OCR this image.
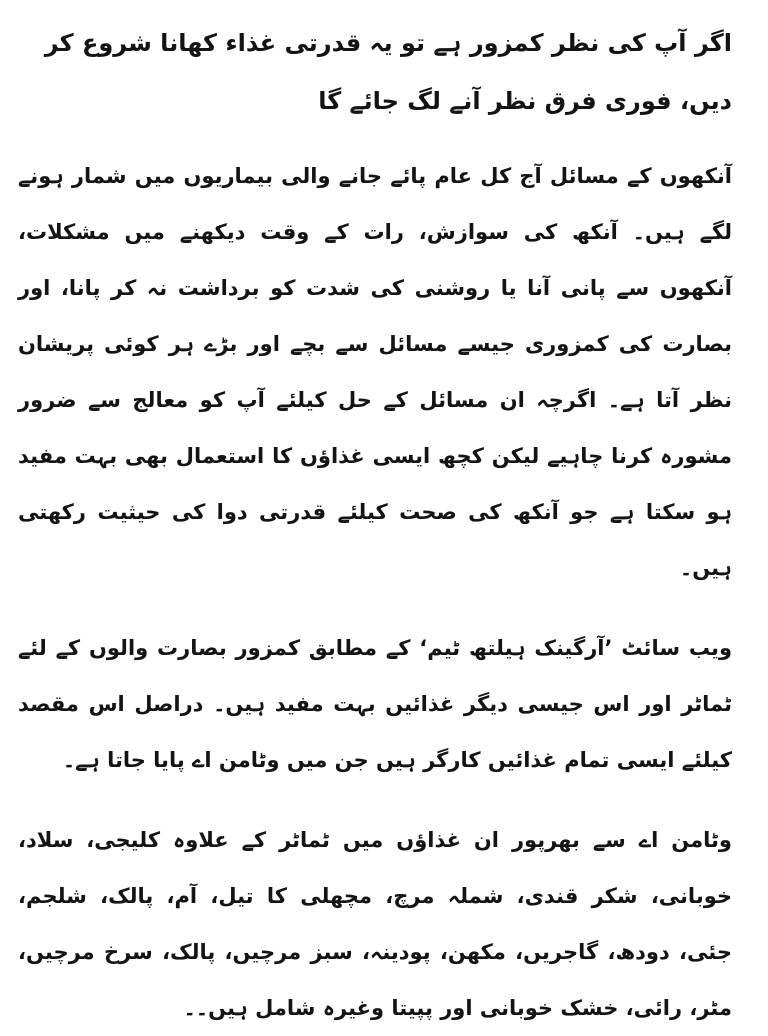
اگر آپ کی نظر کمزور ہے تو یہ قدرتی غذاء کھانا شروع کر دیں، فوری فرق نظر آنے لگ جائے گا
آنکھوں کے مسائل آج کل عام پائے جانے والی بیماریوں میں شمار ہونے لگے ہیں۔ آنکھ کی سوازش، رات کے وقت دیکھنے میں مشکلات، آنکھوں سے پانی آنا یا روشنی کی شدت کو برداشت نہ کر پانا، اور بصارت کی کمزوری جیسے مسائل سے بچے اور بڑے ہر کوئی پریشان نظر آتا ہے۔ اگرچہ ان مسائل کے حل کیلئے آپ کو معالج سے ضرور مشورہ کرنا چاہیے لیکن کچھ ایسی غذاؤں کا استعمال بھی بہت مفید ہو سکتا ہے جو آنکھ کی صحت کیلئے قدرتی دوا کی حیثیت رکھتی ہیں۔
ویب سائٹ ’آرگینک ہیلتھ ٹیم‘ کے مطابق کمزور بصارت والوں کے لئے ٹماٹر اور اس جیسی دیگر غذائیں بہت مفید ہیں۔ دراصل اس مقصد کیلئے ایسی تمام غذائیں کارگر ہیں جن میں وٹامن اے پایا جاتا ہے۔
وٹامن اے سے بھرپور ان غذاؤں میں ٹماٹر کے علاوہ کلیجی، سلاد، خوبانی، شکر قندی، شملہ مرچ، مچھلی کا تیل، آم، پالک، شلجم، جئی، دودھ، گاجریں، مکھن، پودینہ، سبز مرچیں، پالک، سرخ مرچیں، مٹر، رائی، خشک خوبانی اور پپیتا وغیرہ شامل ہیں۔۔
